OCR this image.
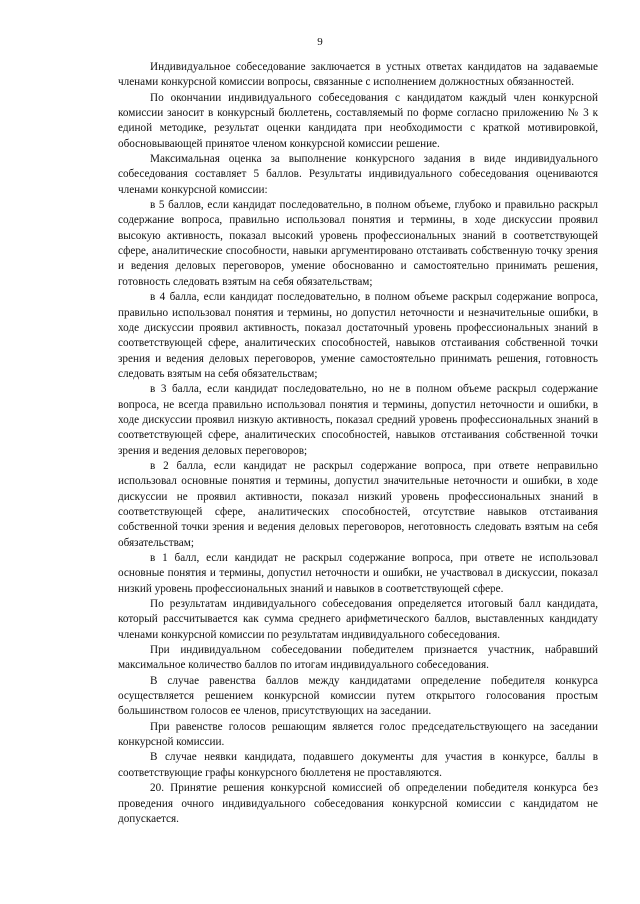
9

Индивидуальное собеседование заключается в устных ответах кандидатов на задаваемые членами конкурсной комиссии вопросы, связанные с исполнением должностных обязанностей.

По окончании индивидуального собеседования с кандидатом каждый член конкурсной комиссии заносит в конкурсный бюллетень, составляемый по форме согласно приложению № 3 к единой методике, результат оценки кандидата при необходимости с краткой мотивировкой, обосновывающей принятое членом конкурсной комиссии решение.

Максимальная оценка за выполнение конкурсного задания в виде индивидуального собеседования составляет 5 баллов. Результаты индивидуального собеседования оцениваются членами конкурсной комиссии:

в 5 баллов, если кандидат последовательно, в полном объеме, глубоко и правильно раскрыл содержание вопроса, правильно использовал понятия и термины, в ходе дискуссии проявил высокую активность, показал высокий уровень профессиональных знаний в соответствующей сфере, аналитические способности, навыки аргументировано отстаивать собственную точку зрения и ведения деловых переговоров, умение обоснованно и самостоятельно принимать решения, готовность следовать взятым на себя обязательствам;

в 4 балла, если кандидат последовательно, в полном объеме раскрыл содержание вопроса, правильно использовал понятия и термины, но допустил неточности и незначительные ошибки, в ходе дискуссии проявил активность, показал достаточный уровень профессиональных знаний в соответствующей сфере, аналитических способностей, навыков отстаивания собственной точки зрения и ведения деловых переговоров, умение самостоятельно принимать решения, готовность следовать взятым на себя обязательствам;

в 3 балла, если кандидат последовательно, но не в полном объеме раскрыл содержание вопроса, не всегда правильно использовал понятия и термины, допустил неточности и ошибки, в ходе дискуссии проявил низкую активность, показал средний уровень профессиональных знаний в соответствующей сфере, аналитических способностей, навыков отстаивания собственной точки зрения и ведения деловых переговоров;

в 2 балла, если кандидат не раскрыл содержание вопроса, при ответе неправильно использовал основные понятия и термины, допустил значительные неточности и ошибки, в ходе дискуссии не проявил активности, показал низкий уровень профессиональных знаний в соответствующей сфере, аналитических способностей, отсутствие навыков отстаивания собственной точки зрения и ведения деловых переговоров, неготовность следовать взятым на себя обязательствам;

в 1 балл, если кандидат не раскрыл содержание вопроса, при ответе не использовал основные понятия и термины, допустил неточности и ошибки, не участвовал в дискуссии, показал низкий уровень профессиональных знаний и навыков в соответствующей сфере.

По результатам индивидуального собеседования определяется итоговый балл кандидата, который рассчитывается как сумма среднего арифметического баллов, выставленных кандидату членами конкурсной комиссии по результатам индивидуального собеседования.

При индивидуальном собеседовании победителем признается участник, набравший максимальное количество баллов по итогам индивидуального собеседования.

В случае равенства баллов между кандидатами определение победителя конкурса осуществляется решением конкурсной комиссии путем открытого голосования простым большинством голосов ее членов, присутствующих на заседании.

При равенстве голосов решающим является голос председательствующего на заседании конкурсной комиссии.

В случае неявки кандидата, подавшего документы для участия в конкурсе, баллы в соответствующие графы конкурсного бюллетеня не проставляются.

20. Принятие решения конкурсной комиссией об определении победителя конкурса без проведения очного индивидуального собеседования конкурсной комиссии с кандидатом не допускается.
